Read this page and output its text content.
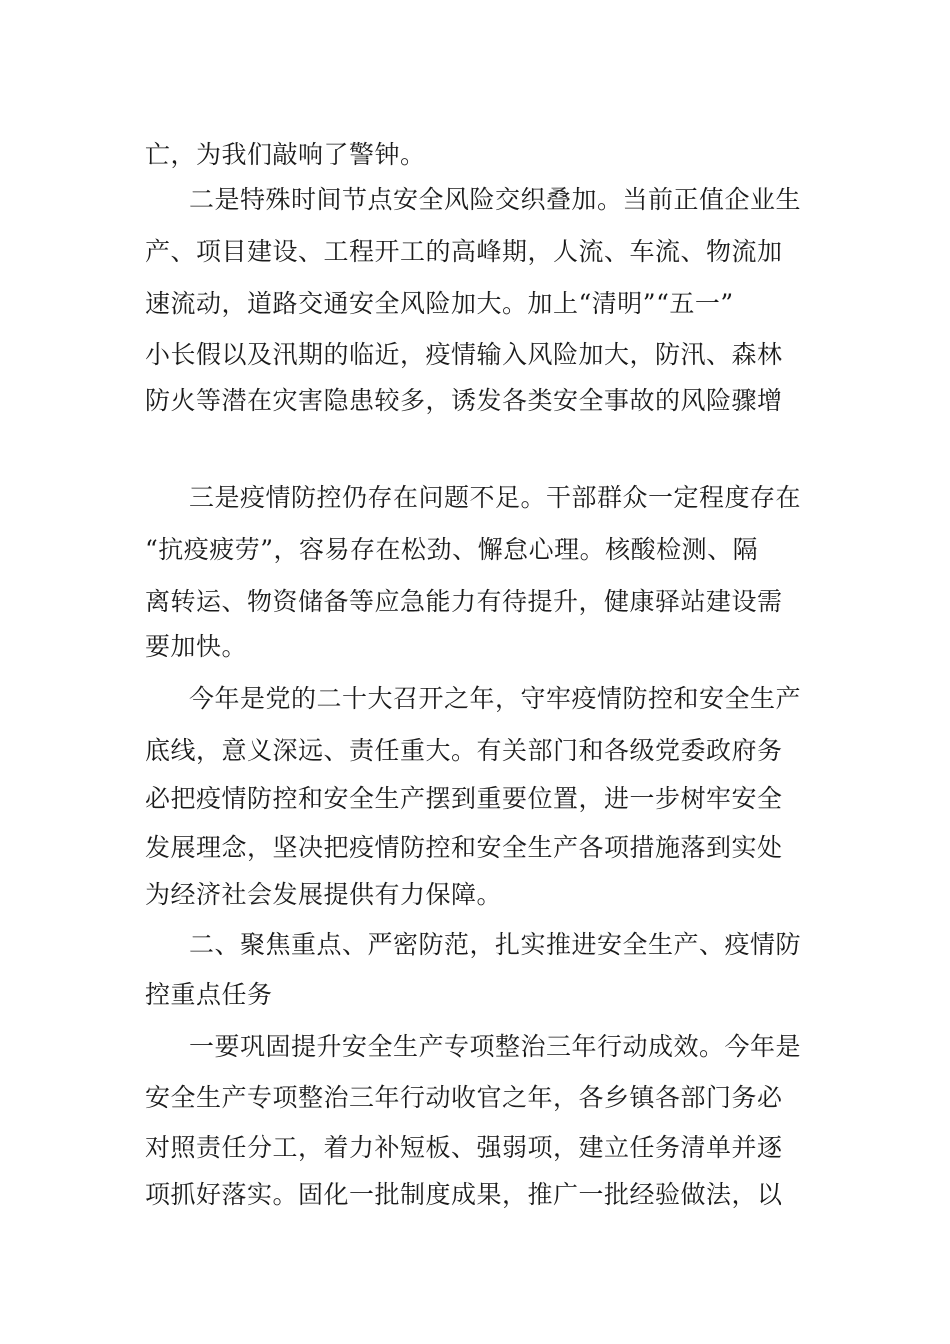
亡，为我们敲响了警钟。
二是特殊时间节点安全风险交织叠加。当前正值企业生
产、项目建设、工程开工的高峰期，人流、车流、物流加
速流动，道路交通安全风险加大。加上“清明”“五一”
小长假以及汛期的临近，疫情输入风险加大，防汛、森林
防火等潜在灾害隐患较多，诱发各类安全事故的风险骤增
三是疫情防控仍存在问题不足。干部群众一定程度存在
“抗疫疲劳”，容易存在松劲、懈怠心理。核酸检测、隔
离转运、物资储备等应急能力有待提升，健康驿站建设需
要加快。
今年是党的二十大召开之年，守牢疫情防控和安全生产
底线，意义深远、责任重大。有关部门和各级党委政府务
必把疫情防控和安全生产摆到重要位置，进一步树牢安全
发展理念，坚决把疫情防控和安全生产各项措施落到实处
为经济社会发展提供有力保障。
二、聚焦重点、严密防范，扎实推进安全生产、疫情防
控重点任务
一要巩固提升安全生产专项整治三年行动成效。今年是
安全生产专项整治三年行动收官之年，各乡镇各部门务必
对照责任分工，着力补短板、强弱项，建立任务清单并逐
项抓好落实。固化一批制度成果，推广一批经验做法，以
